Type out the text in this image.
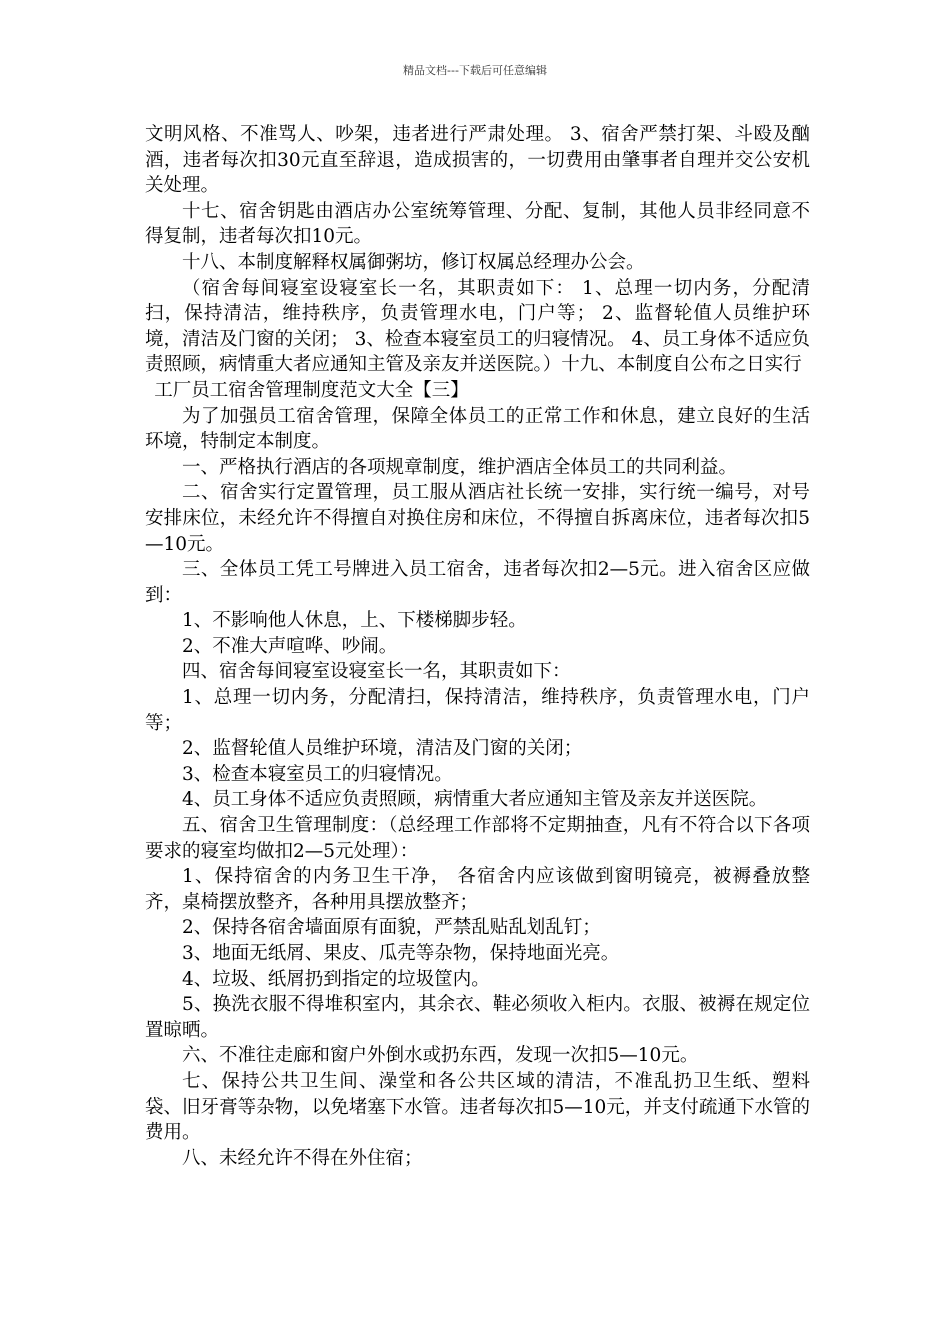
精品文档---下载后可任意编辑

文明风格、不准骂人、吵架，违者进行严肃处理。 3、宿舍严禁打架、斗殴及酗酒，违者每次扣30元直至辞退，造成损害的，一切费用由肇事者自理并交公安机关处理。

十七、宿舍钥匙由酒店办公室统筹管理、分配、复制，其他人员非经同意不得复制，违者每次扣10元。

十八、本制度解释权属御粥坊，修订权属总经理办公会。

（宿舍每间寝室设寝室长一名，其职责如下： 1、总理一切内务，分配清扫，保持清洁，维持秩序，负责管理水电，门户等； 2、监督轮值人员维护环境，清洁及门窗的关闭； 3、检查本寝室员工的归寝情况。 4、员工身体不适应负责照顾，病情重大者应通知主管及亲友并送医院。）十九、本制度自公布之日实行

工厂员工宿舍管理制度范文大全【三】

为了加强员工宿舍管理，保障全体员工的正常工作和休息，建立良好的生活环境，特制定本制度。

一、严格执行酒店的各项规章制度，维护酒店全体员工的共同利益。

二、宿舍实行定置管理，员工服从酒店社长统一安排，实行统一编号，对号安排床位，未经允许不得擅自对换住房和床位，不得擅自拆离床位，违者每次扣5—10元。

三、全体员工凭工号牌进入员工宿舍，违者每次扣2—5元。进入宿舍区应做到：

1、不影响他人休息，上、下楼梯脚步轻。

2、不准大声喧哗、吵闹。

四、宿舍每间寝室设寝室长一名，其职责如下：

1、总理一切内务，分配清扫，保持清洁，维持秩序，负责管理水电，门户等；

2、监督轮值人员维护环境，清洁及门窗的关闭；

3、检查本寝室员工的归寝情况。

4、员工身体不适应负责照顾，病情重大者应通知主管及亲友并送医院。

五、宿舍卫生管理制度：（总经理工作部将不定期抽查，凡有不符合以下各项要求的寝室均做扣2—5元处理）：

1、保持宿舍的内务卫生干净， 各宿舍内应该做到窗明镜亮，被褥叠放整齐，桌椅摆放整齐，各种用具摆放整齐；

2、保持各宿舍墙面原有面貌，严禁乱贴乱划乱钉；

3、地面无纸屑、果皮、瓜壳等杂物，保持地面光亮。

4、垃圾、纸屑扔到指定的垃圾筐内。

5、换洗衣服不得堆积室内，其余衣、鞋必须收入柜内。衣服、被褥在规定位置晾晒。

六、不准往走廊和窗户外倒水或扔东西，发现一次扣5—10元。

七、保持公共卫生间、澡堂和各公共区域的清洁，不准乱扔卫生纸、塑料袋、旧牙膏等杂物，以免堵塞下水管。违者每次扣5—10元，并支付疏通下水管的费用。

八、未经允许不得在外住宿；
